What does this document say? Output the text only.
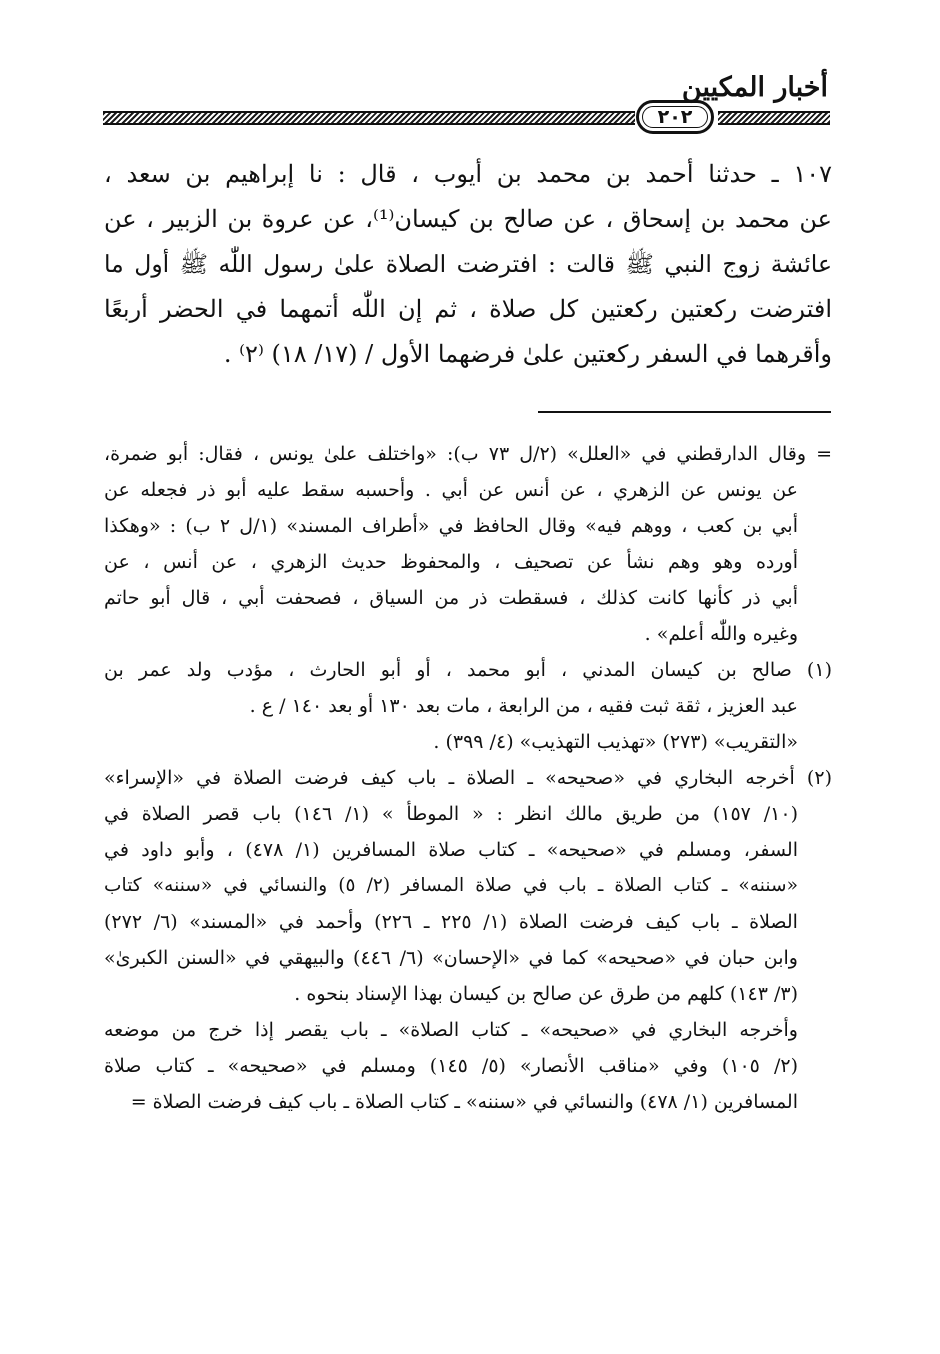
أخبار المكيين
٢٠٢
١٠٧ ـ حدثنا أحمد بن محمد بن أيوب ، قال : نا إبراهيم بن سعد ،
عن محمد بن إسحاق ، عن صالح بن كيسان⁽¹⁾، عن عروة بن الزبير ، عن
عائشة زوج النبي ﷺ قالت : افترضت الصلاة علىٰ رسول اللّٰه ﷺ أول ما
افترضت ركعتين ركعتين كل صلاة ، ثم إن اللّٰه أتمهما في الحضر أربعًا
وأقرهما في السفر ركعتين علىٰ فرضهما الأول / (١٧/ ١٨) ⁽٢⁾ .
= وقال الدارقطني في «العلل» (٢/ل ٧٣ ب): «واختلف علىٰ يونس ، فقال: أبو ضمرة،
عن يونس عن الزهري ، عن أنس عن أبي . وأحسبه سقط عليه أبو ذر فجعله عن
أبي بن كعب ، ووهم فيه» وقال الحافظ في «أطراف المسند» (١/ل ٢ ب) : «وهكذا
أورده وهو وهم نشأ عن تصحيف ، والمحفوظ حديث الزهري ، عن أنس ، عن
أبي ذر كأنها كانت كذلك ، فسقطت ذر من السياق ، فصحفت أبي ، قال أبو حاتم
وغيره واللّٰه أعلم» .
(١) صالح بن كيسان المدني ، أبو محمد ، أو أبو الحارث ، مؤدب ولد عمر بن
عبد العزيز ، ثقة ثبت فقيه ، من الرابعة ، مات بعد ١٣٠ أو بعد ١٤٠ / ع .
«التقريب» (٢٧٣) «تهذيب التهذيب» (٤/ ٣٩٩) .
(٢) أخرجه البخاري في «صحيحه» ـ الصلاة ـ باب كيف فرضت الصلاة في «الإسراء»
(١٠/ ١٥٧) من طريق مالك انظر : « الموطأ » (١/ ١٤٦) باب قصر الصلاة في
السفر، ومسلم في «صحيحه» ـ كتاب صلاة المسافرين (١/ ٤٧٨) ، وأبو داود في
«سننه» ـ كتاب الصلاة ـ باب في صلاة المسافر (٢/ ٥) والنسائي في «سننه» كتاب
الصلاة ـ باب كيف فرضت الصلاة (١/ ٢٢٥ ـ ٢٢٦) وأحمد في «المسند» (٦/ ٢٧٢)
وابن حبان في «صحيحه» كما في «الإحسان» (٦/ ٤٤٦) والبيهقي في «السنن الكبرىٰ»
(٣/ ١٤٣) كلهم من طرق عن صالح بن كيسان بهذا الإسناد بنحوه .
وأخرجه البخاري في «صحيحه» ـ كتاب الصلاة» ـ باب يقصر إذا خرج من موضعه
(٢/ ١٠٥) وفي «مناقب الأنصار» (٥/ ١٤٥) ومسلم في «صحيحه» ـ كتاب صلاة
المسافرين (١/ ٤٧٨) والنسائي في «سننه» ـ كتاب الصلاة ـ باب كيف فرضت الصلاة =
